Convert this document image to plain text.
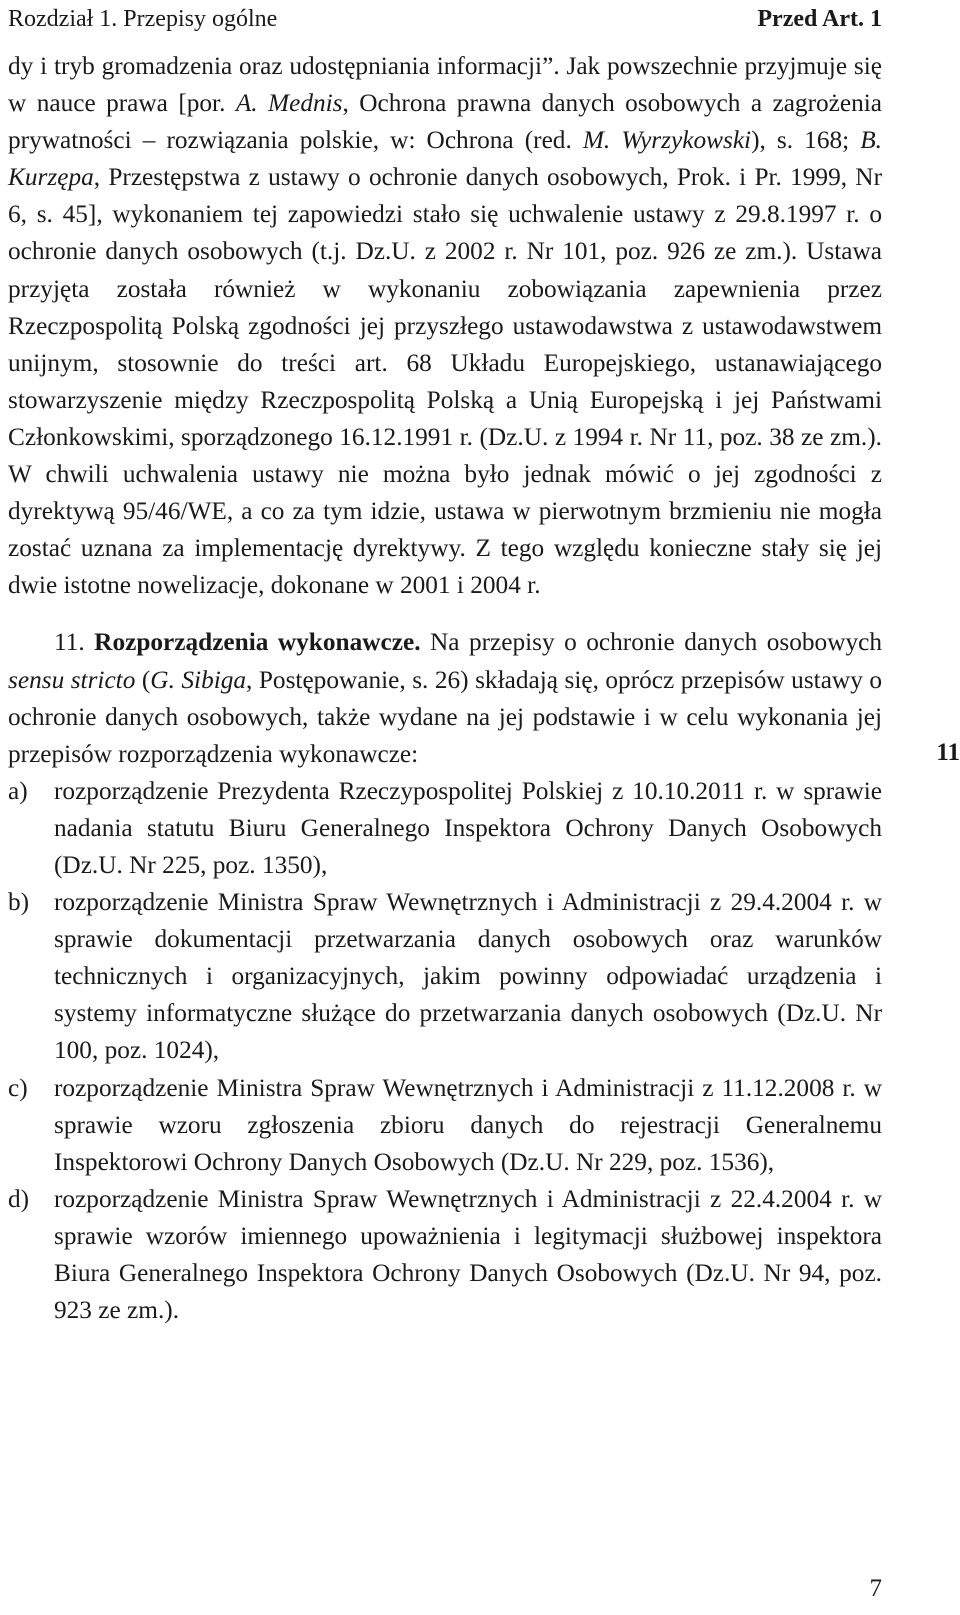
Rozdział 1. Przepisy ogólne	Przed Art. 1
11

dy i tryb gromadzenia oraz udostępniania informacji”. Jak powszechnie przyjmuje się w nauce prawa [por. A. Mednis, Ochrona prawna danych osobowych a zagrożenia prywatności – rozwiązania polskie, w: Ochrona (red. M. Wyrzykowski), s. 168; B. Kurzępa, Przestępstwa z ustawy o ochronie danych osobowych, Prok. i Pr. 1999, Nr 6, s. 45], wykonaniem tej zapowiedzi stało się uchwalenie ustawy z 29.8.1997 r. o ochronie danych osobowych (t.j. Dz.U. z 2002 r. Nr 101, poz. 926 ze zm.). Ustawa przyjęta została również w wykonaniu zobowiązania zapewnienia przez Rzeczpospolitą Polską zgodności jej przyszłego ustawodawstwa z ustawodawstwem unijnym, stosownie do treści art. 68 Układu Europejskiego, ustanawiającego stowarzyszenie między Rzeczpospolitą Polską a Unią Europejską i jej Państwami Członkowskimi, sporządzonego 16.12.1991 r. (Dz.U. z 1994 r. Nr 11, poz. 38 ze zm.). W chwili uchwalenia ustawy nie można było jednak mówić o jej zgodności z dyrektywą 95/46/WE, a co za tym idzie, ustawa w pierwotnym brzmieniu nie mogła zostać uznana za implementację dyrektywy. Z tego względu konieczne stały się jej dwie istotne nowelizacje, dokonane w 2001 i 2004 r.

11. Rozporządzenia wykonawcze. Na przepisy o ochronie danych osobowych sensu stricto (G. Sibiga, Postępowanie, s. 26) składają się, oprócz przepisów ustawy o ochronie danych osobowych, także wydane na jej podstawie i w celu wykonania jej przepisów rozporządzenia wykonawcze:

a) rozporządzenie Prezydenta Rzeczypospolitej Polskiej z 10.10.2011 r. w sprawie nadania statutu Biuru Generalnego Inspektora Ochrony Danych Osobowych (Dz.U. Nr 225, poz. 1350),
b) rozporządzenie Ministra Spraw Wewnętrznych i Administracji z 29.4.2004 r. w sprawie dokumentacji przetwarzania danych osobowych oraz warunków technicznych i organizacyjnych, jakim powinny odpowiadać urządzenia i systemy informatyczne służące do przetwarzania danych osobowych (Dz.U. Nr 100, poz. 1024),
c) rozporządzenie Ministra Spraw Wewnętrznych i Administracji z 11.12.2008 r. w sprawie wzoru zgłoszenia zbioru danych do rejestracji Generalnemu Inspektorowi Ochrony Danych Osobowych (Dz.U. Nr 229, poz. 1536),
d) rozporządzenie Ministra Spraw Wewnętrznych i Administracji z 22.4.2004 r. w sprawie wzorów imiennego upoważnienia i legitymacji służbowej inspektora Biura Generalnego Inspektora Ochrony Danych Osobowych (Dz.U. Nr 94, poz. 923 ze zm.).
7
